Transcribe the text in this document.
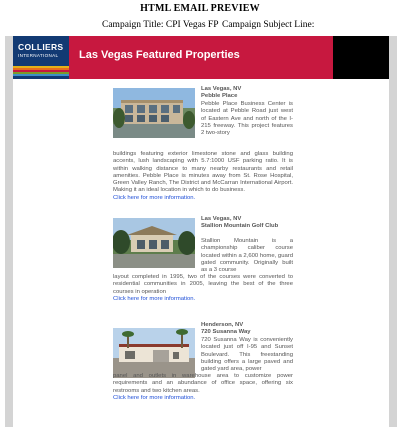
HTML EMAIL PREVIEW
Campaign Title: CPI Vegas FP Campaign Subject Line:
COLLIERS
INTERNATIONAL Las Vegas Featured Properties
Las Vegas, NV
Pebble Place
Pebble Place Business Center is located at Pebble Road just west of Eastern Ave and north of the I-215 freeway. This project features 2 two-story
buildings featuring exterior limestone stone and glass building accents, lush landscaping with 5.7:1000 USF parking ratio. It is within walking distance to many nearby restaurants and retail amenities. Pebble Place is minutes away from St. Rose Hospital, Green Valley Ranch, The District and McCarran International Airport. Making it an ideal location in which to do business.
Click here for more information.
Las Vegas, NV
Stallion Mountain Golf Club
Stallion Mountain is a championship caliber course located within a 2,600 home, guard gated community. Originally built as a 3 course
layout completed in 1995, two of the courses were converted to residential communities in 2005, leaving the best of the three courses in operation
Click here for more information.
Henderson, NV
720 Susanna Way
720 Susanna Way is conveniently located just off I-95 and Sunset Boulevard. This freestanding building offers a large paved and gated yard area, power
panel and outlets in warehouse area to customize power requirements and an abundance of office space, offering six restrooms and two kitchen areas.
Click here for more information.
